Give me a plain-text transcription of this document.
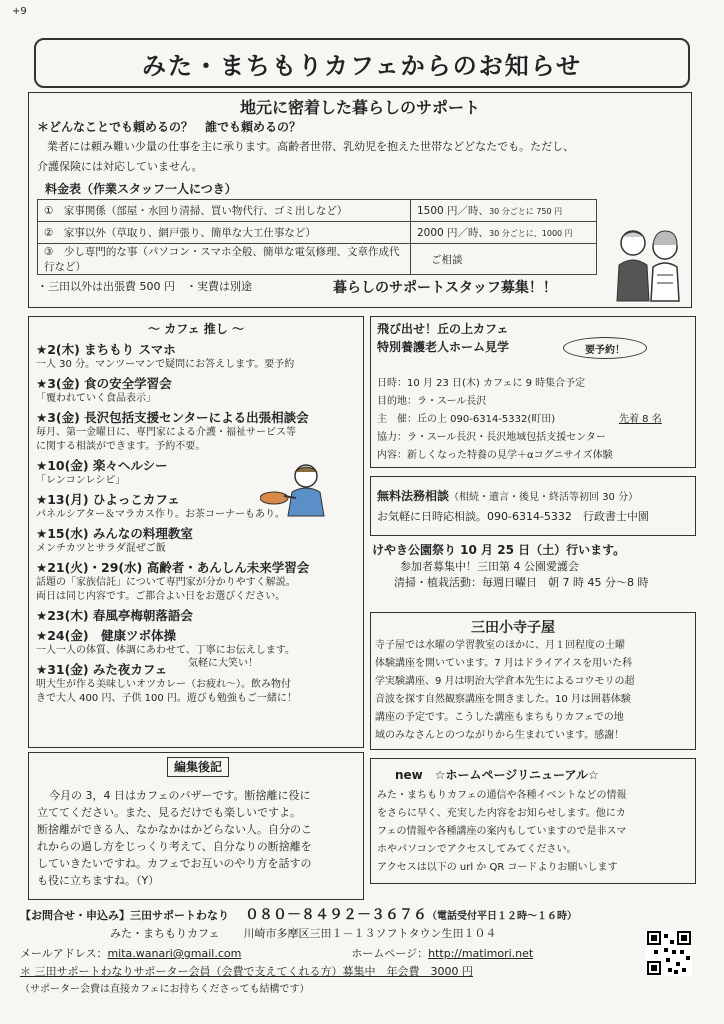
+9
みた・まちもりカフェからのお知らせ
地元に密着した暮らしのサポート
＊どんなことでも頼めるの？　誰でも頼めるの？
業者には頼み難い少量の仕事を主に承ります。高齢者世帯、乳幼児を抱えた世帯などどなたでも。ただし、
介護保険には対応していません。
料金表（作業スタッフ一人につき）
①　家事関係（部屋・水回り清掃、買い物代行、ゴミ出しなど）	1500 円／時、30 分ごとに 750 円
②　家事以外（草取り、網戸張り、簡単な大工仕事など）	2000 円／時、30 分ごとに、1000 円
③　少し専門的な事（パソコン・スマホ全般、簡単な電気修理、文章作成代行など）	ご相談
・三田以外は出張費 500 円　・実費は別途	暮らしのサポートスタッフ募集！！
～ カフェ 推し ～
★2(木) まちもり スマホ
一人 30 分。マンツーマンで疑問にお答えします。要予約
★3(金) 食の安全学習会
「覆われていく食品表示」
★3(金) 長沢包括支援センターによる出張相談会
毎月、第一金曜日に、専門家による介護・福祉サービス等
に関する相談ができます。予約不要。
★10(金) 楽々ヘルシー
「レンコンレシピ」
★13(月) ひよっこカフェ
パネルシアター＆マラカス作り。お茶コーナーもあり。
★15(水) みんなの料理教室
メンチカツとサラダ混ぜご飯
★21(火)・29(水) 高齢者・あんしん未来学習会
話題の「家族信託」について専門家が分かりやすく解説。
両日は同じ内容です。ご都合よい日をお選びください。
★23(木) 春風亭梅朝落語会
★24(金)　健康ツボ体操
一人一人の体質、体調にあわせて、丁寧にお伝えします。
★31(金) みた夜カフェ
明大生が作る美味しいオツカレー（お疲れ～）。飲み物付
きで大人 400 円、子供 100 円。遊びも勉強もご一緒に！
気軽に大笑い！
飛び出せ！丘の上カフェ
特別養護老人ホーム見学	要予約！
日時：10 月 23 日(木) カフェに 9 時集合予定
目的地：ラ・スール長沢
主　催：丘の上 090-6314-5332(町田)	先着 8 名
協力：ラ・スール長沢・長沢地域包括支援センター
内容：新しくなった特養の見学＋αコグニサイズ体験
無料法務相談（相続・遺言・後見・終活等初回 30 分）
お気軽に日時応相談。090-6314-5332　行政書士中園
けやき公園祭り 10 月 25 日（土）行います。
参加者募集中！三田第 4 公園愛護会
清掃・植栽活動：毎週日曜日　朝 7 時 45 分～8 時
三田小寺子屋
寺子屋では水曜の学習教室のほかに、月１回程度の土曜
体験講座を開いています。7 月はドライアイスを用いた科
学実験講座、9 月は明治大学倉本先生によるコウモリの超
音波を探す自然観察講座を開きました。10 月は囲碁体験
講座の予定です。こうした講座もまちもりカフェでの地
域のみなさんとのつながりから生まれています。感謝！
編集後記
今月の 3，4 日はカフェのバザーです。断捨離に役に
立ててください。また、見るだけでも楽しいですよ。
断捨離ができる人、なかなかはかどらない人。自分のこ
れからの過し方をじっくり考えて、自分なりの断捨離を
していきたいですね。カフェでお互いのやり方を話すの
も役に立ちますね。（Y）
new　☆ホームページリニューアル☆
みた・まちもりカフェの通信や各種イベントなどの情報
をさらに早く、充実した内容をお知らせします。他にカ
フェの情報や各種講座の案内もしていますので是非スマ
ホやパソコンでアクセスしてみてください。
アクセスは以下の url か QR コードよりお願いします
【お問合せ・申込み】三田サポートわなり ０８０－８４９２－３６７６ （電話受付平日１２時～１６時）
みた・まちもりカフェ 川崎市多摩区三田１－１３ソフトタウン生田１０４
メールアドレス： mita.wanari@gmail.com	ホームページ： http://matimori.net
＊ 三田サポートわなりサポーター会員（会費で支えてくれる方）募集中　年会費　3000 円
（サポーター会費は直接カフェにお持ちくださっても結構です）
